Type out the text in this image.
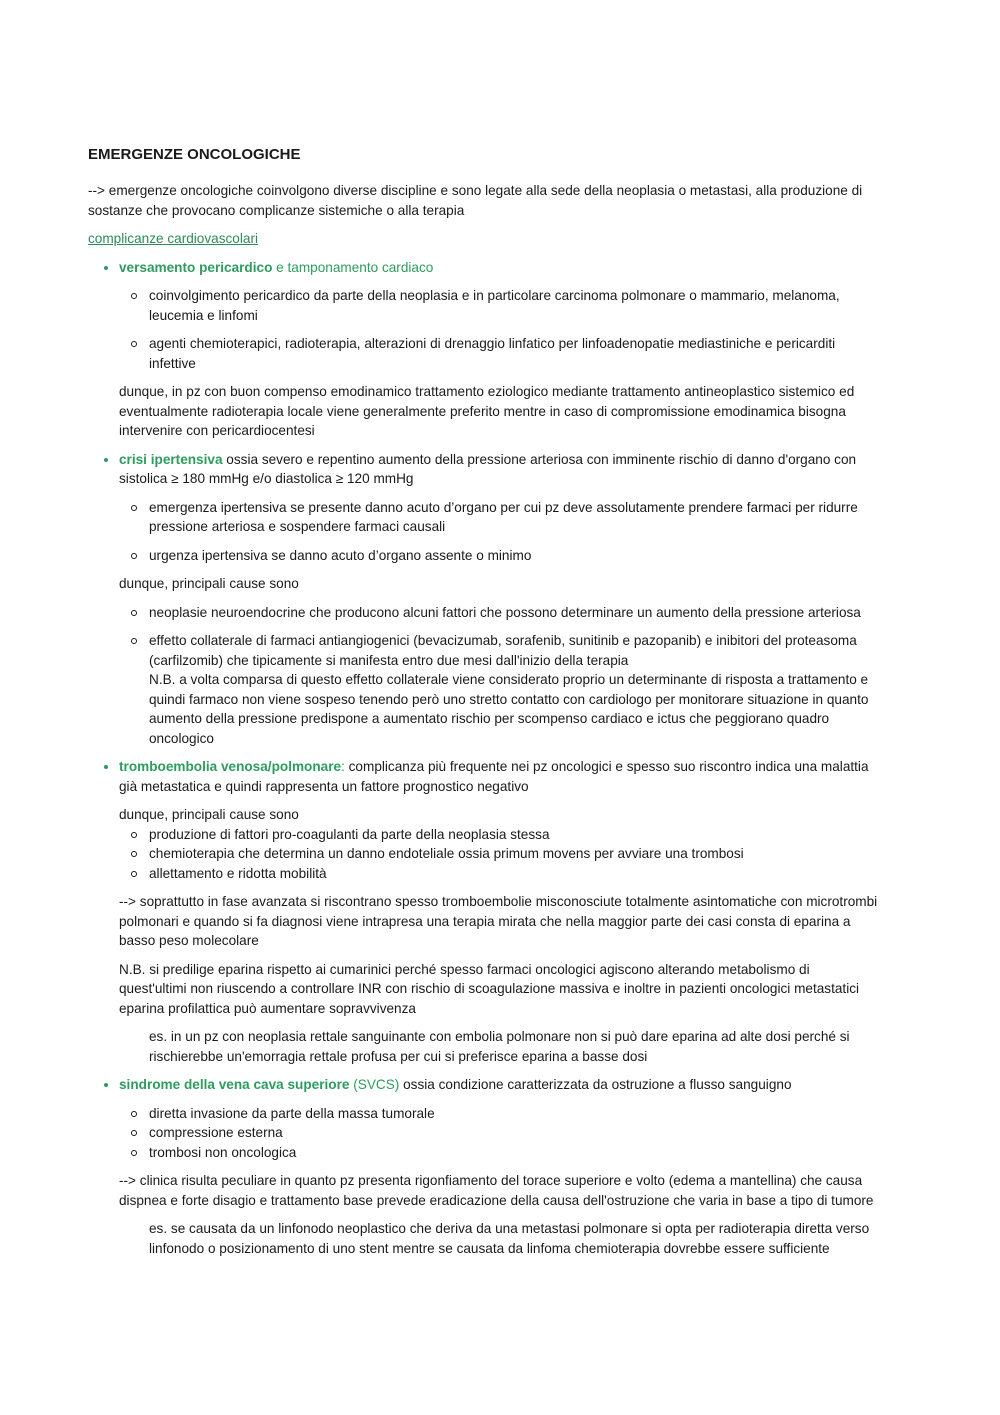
EMERGENZE ONCOLOGICHE

--> emergenze oncologiche coinvolgono diverse discipline e sono legate alla sede della neoplasia o metastasi, alla produzione di sostanze che provocano complicanze sistemiche o alla terapia

complicanze cardiovascolari

versamento pericardico e tamponamento cardiaco
coinvolgimento pericardico da parte della neoplasia e in particolare carcinoma polmonare o mammario, melanoma, leucemia e linfomi
agenti chemioterapici, radioterapia, alterazioni di drenaggio linfatico per linfoadenopatie mediastiniche e pericarditi infettive

dunque, in pz con buon compenso emodinamico trattamento eziologico mediante trattamento antineoplastico sistemico ed eventualmente radioterapia locale viene generalmente preferito mentre in caso di compromissione emodinamica bisogna intervenire con pericardiocentesi

crisi ipertensiva ossia severo e repentino aumento della pressione arteriosa con imminente rischio di danno d'organo con sistolica ≥ 180 mmHg e/o diastolica ≥ 120 mmHg
emergenza ipertensiva se presente danno acuto d’organo per cui pz deve assolutamente prendere farmaci per ridurre pressione arteriosa e sospendere farmaci causali
urgenza ipertensiva se danno acuto d’organo assente o minimo

dunque, principali cause sono

neoplasie neuroendocrine che producono alcuni fattori che possono determinare un aumento della pressione arteriosa
effetto collaterale di farmaci antiangiogenici (bevacizumab, sorafenib, sunitinib e pazopanib) e inibitori del proteasoma (carfilzomib) che tipicamente si manifesta entro due mesi dall'inizio della terapia

N.B. a volta comparsa di questo effetto collaterale viene considerato proprio un determinante di risposta a trattamento e quindi farmaco non viene sospeso tenendo però uno stretto contatto con cardiologo per monitorare situazione in quanto aumento della pressione predispone a aumentato rischio per scompenso cardiaco e ictus che peggiorano quadro oncologico

tromboembolia venosa/polmonare: complicanza più frequente nei pz oncologici e spesso suo riscontro indica una malattia già metastatica e quindi rappresenta un fattore prognostico negativo

dunque, principali cause sono

produzione di fattori pro-coagulanti da parte della neoplasia stessa
chemioterapia che determina un danno endoteliale ossia primum movens per avviare una trombosi
allettamento e ridotta mobilità

--> soprattutto in fase avanzata si riscontrano spesso tromboembolie misconosciute totalmente asintomatiche con microtrombi polmonari e quando si fa diagnosi viene intrapresa una terapia mirata che nella maggior parte dei casi consta di eparina a basso peso molecolare

N.B. si predilige eparina rispetto ai cumarinici perché spesso farmaci oncologici agiscono alterando metabolismo di quest'ultimi non riuscendo a controllare INR con rischio di scoagulazione massiva e inoltre in pazienti oncologici metastatici eparina profilattica può aumentare sopravvivenza

es. in un pz con neoplasia rettale sanguinante con embolia polmonare non si può dare eparina ad alte dosi perché si rischierebbe un'emorragia rettale profusa per cui si preferisce eparina a basse dosi

sindrome della vena cava superiore (SVCS) ossia condizione caratterizzata da ostruzione a flusso sanguigno
diretta invasione da parte della massa tumorale
compressione esterna
trombosi non oncologica

--> clinica risulta peculiare in quanto pz presenta rigonfiamento del torace superiore e volto (edema a mantellina) che causa dispnea e forte disagio e trattamento base prevede eradicazione della causa dell'ostruzione che varia in base a tipo di tumore

es. se causata da un linfonodo neoplastico che deriva da una metastasi polmonare si opta per radioterapia diretta verso linfonodo o posizionamento di uno stent mentre se causata da linfoma chemioterapia dovrebbe essere sufficiente
